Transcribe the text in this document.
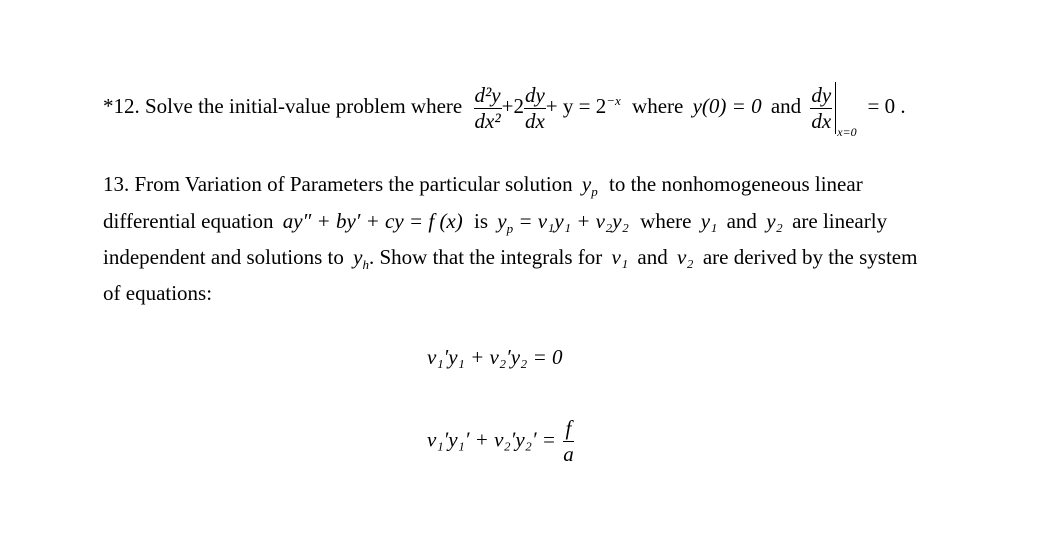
*12. Solve the initial-value problem where $\frac{\text{d²y}}{\text{dx²}} +2 \frac{dy}{dx} + y = 2^{-x}$ where y(0) = 0 and $\frac{dy}{dx}$
x=0
= 0 .
13. From Variation of Parameters the particular solution $y_p$ to the nonhomogeneous linear
differential equation ay″ + by′ + cy = f (x) is $y_p = v_1y_1 + v_2y_2$ where y₁ and y₂ are linearly
independent and solutions to $y_h$. Show that the integrals for v₁ and v₂ are derived by the system
of equations:
v₁′y₁ + v₂′y₂ = 0
$v_1'y_1' + v_2'y_2' = \frac{f}{a}$
